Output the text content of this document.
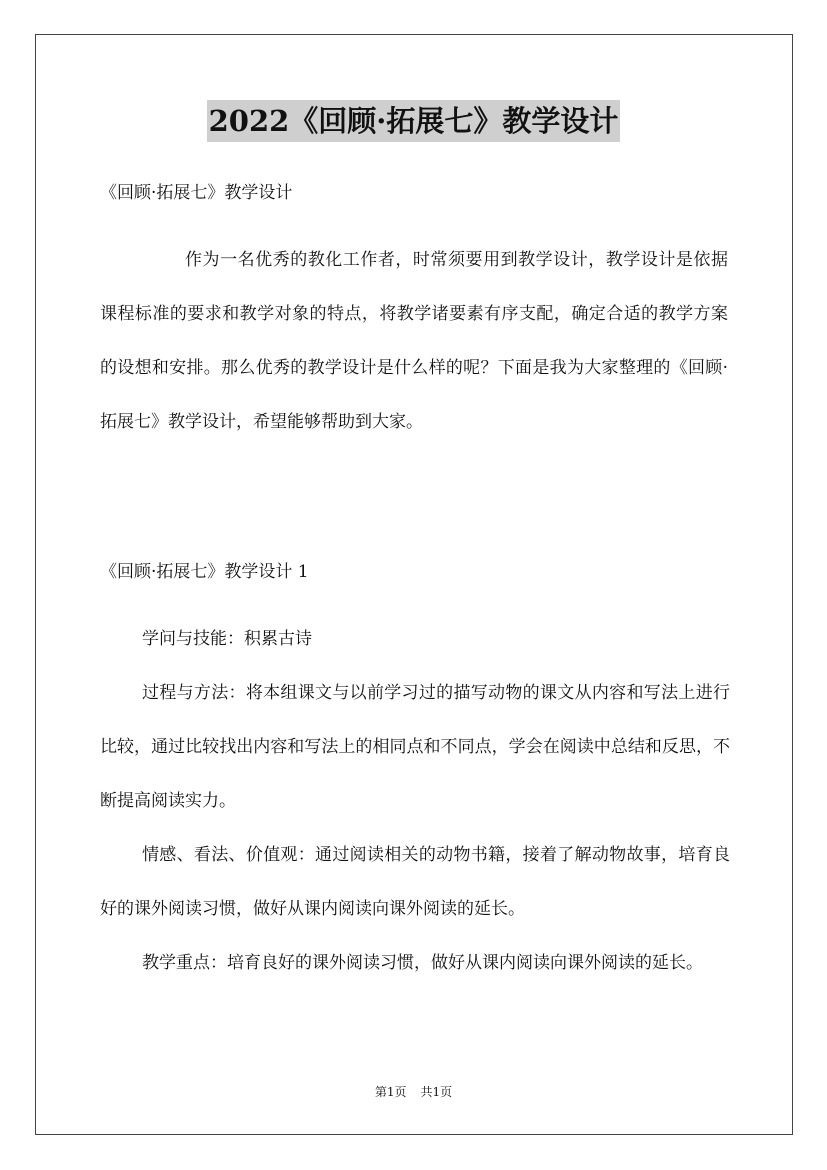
2022《回顾·拓展七》教学设计
《回顾·拓展七》教学设计
作为一名优秀的教化工作者，时常须要用到教学设计，教学设计是依据课程标准的要求和教学对象的特点，将教学诸要素有序支配，确定合适的教学方案的设想和安排。那么优秀的教学设计是什么样的呢？下面是我为大家整理的《回顾·拓展七》教学设计，希望能够帮助到大家。
《回顾·拓展七》教学设计 1

学问与技能：积累古诗

过程与方法：将本组课文与以前学习过的描写动物的课文从内容和写法上进行比较，通过比较找出内容和写法上的相同点和不同点，学会在阅读中总结和反思，不断提高阅读实力。

情感、看法、价值观：通过阅读相关的动物书籍，接着了解动物故事，培育良好的课外阅读习惯，做好从课内阅读向课外阅读的延长。

教学重点：培育良好的课外阅读习惯，做好从课内阅读向课外阅读的延长。

第1页 共1页
